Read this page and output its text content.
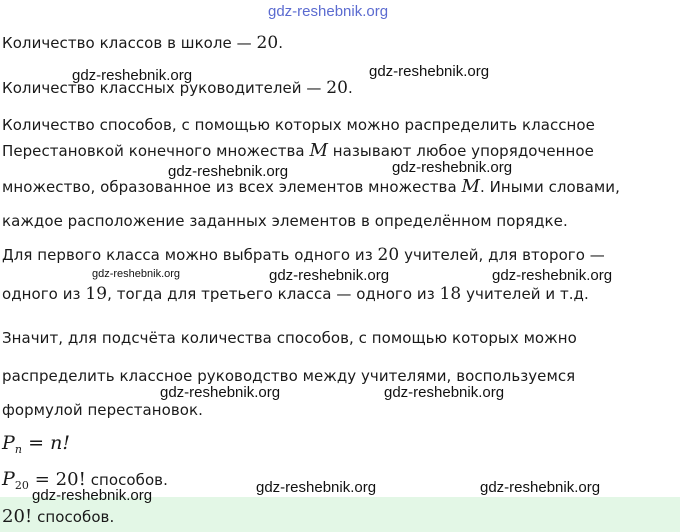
gdz-reshebnik.org
Количество классов в школе — 20.
gdz-reshebnik.org	gdz-reshebnik.org
Количество классных руководителей — 20.
Количество способов, с помощью которых можно распределить классное
Перестановкой конечного множества M называют любое упорядоченное
gdz-reshebnik.org	gdz-reshebnik.org
множество, образованное из всех элементов множества M. Иными словами,
каждое расположение заданных элементов в определённом порядке.
Для первого класса можно выбрать одного из 20 учителей, для второго —
gdz-reshebnik.org	gdz-reshebnik.org	gdz-reshebnik.org
одного из 19, тогда для третьего класса — одного из 18 учителей и т.д.
Значит, для подсчёта количества способов, с помощью которых можно
распределить классное руководство между учителями, воспользуемся
gdz-reshebnik.org	gdz-reshebnik.org
формулой перестановок.
$P_n = n$!
$P_{20} = 20$! способов.
gdz-reshebnik.org	gdz-reshebnik.org	gdz-reshebnik.org
20! способов.
